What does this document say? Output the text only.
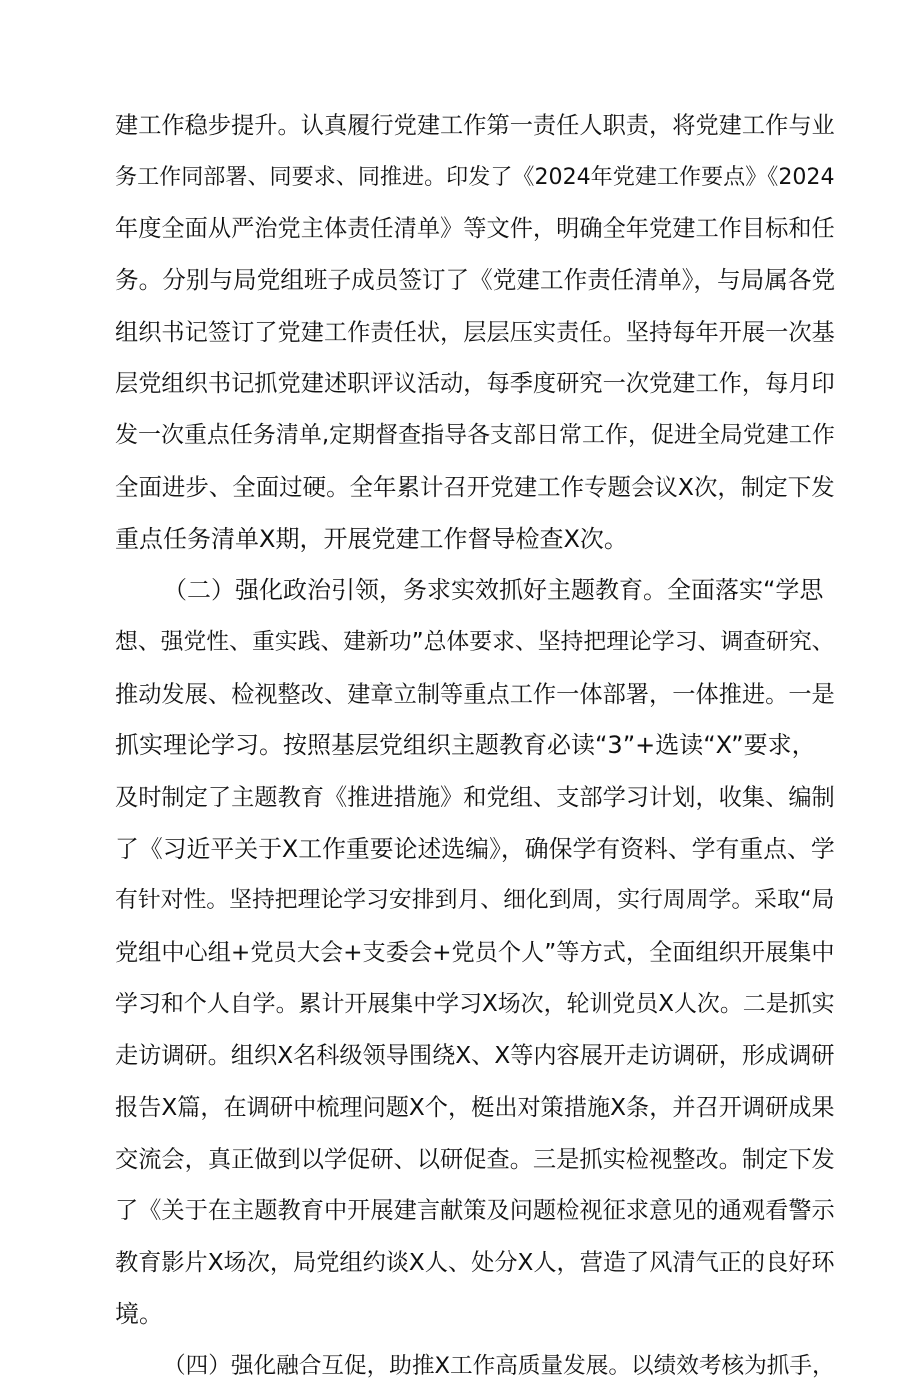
建工作稳步提升。认真履行党建工作第一责任人职责，将党建工作与业
务工作同部署、同要求、同推进。印发了《2024年党建工作要点》《2024
年度全面从严治党主体责任清单》等文件，明确全年党建工作目标和任
务。分别与局党组班子成员签订了《党建工作责任清单》，与局属各党
组织书记签订了党建工作责任状，层层压实责任。坚持每年开展一次基
层党组织书记抓党建述职评议活动，每季度研究一次党建工作，每月印
发一次重点任务清单,定期督查指导各支部日常工作，促进全局党建工作
全面进步、全面过硬。全年累计召开党建工作专题会议X次，制定下发
重点任务清单X期，开展党建工作督导检查X次。
（二）强化政治引领，务求实效抓好主题教育。全面落实“学思
想、强党性、重实践、建新功”总体要求、坚持把理论学习、调查研究、
推动发展、检视整改、建章立制等重点工作一体部署，一体推进。一是
抓实理论学习。按照基层党组织主题教育必读“3”+选读“X”要求，
及时制定了主题教育《推进措施》和党组、支部学习计划，收集、编制
了《习近平关于X工作重要论述选编》，确保学有资料、学有重点、学
有针对性。坚持把理论学习安排到月、细化到周，实行周周学。采取“局
党组中心组+党员大会+支委会+党员个人”等方式，全面组织开展集中
学习和个人自学。累计开展集中学习X场次，轮训党员X人次。二是抓实
走访调研。组织X名科级领导围绕X、X等内容展开走访调研，形成调研
报告X篇，在调研中梳理问题X个，梃出对策措施X条，并召开调研成果
交流会，真正做到以学促研、以研促查。三是抓实检视整改。制定下发
了《关于在主题教育中开展建言献策及问题检视征求意见的通观看警示
教育影片X场次，局党组约谈X人、处分X人，营造了风清气正的良好环
境。
（四）强化融合互促，助推X工作高质量发展。以绩效考核为抓手，
